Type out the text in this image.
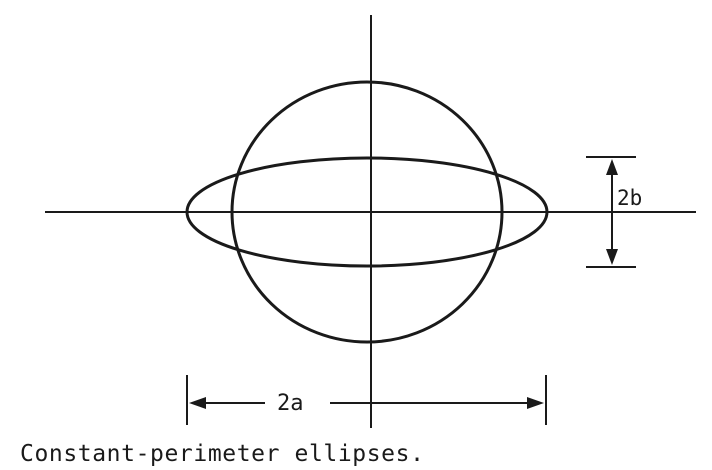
2b
2a
Constant-perimeter ellipses.
